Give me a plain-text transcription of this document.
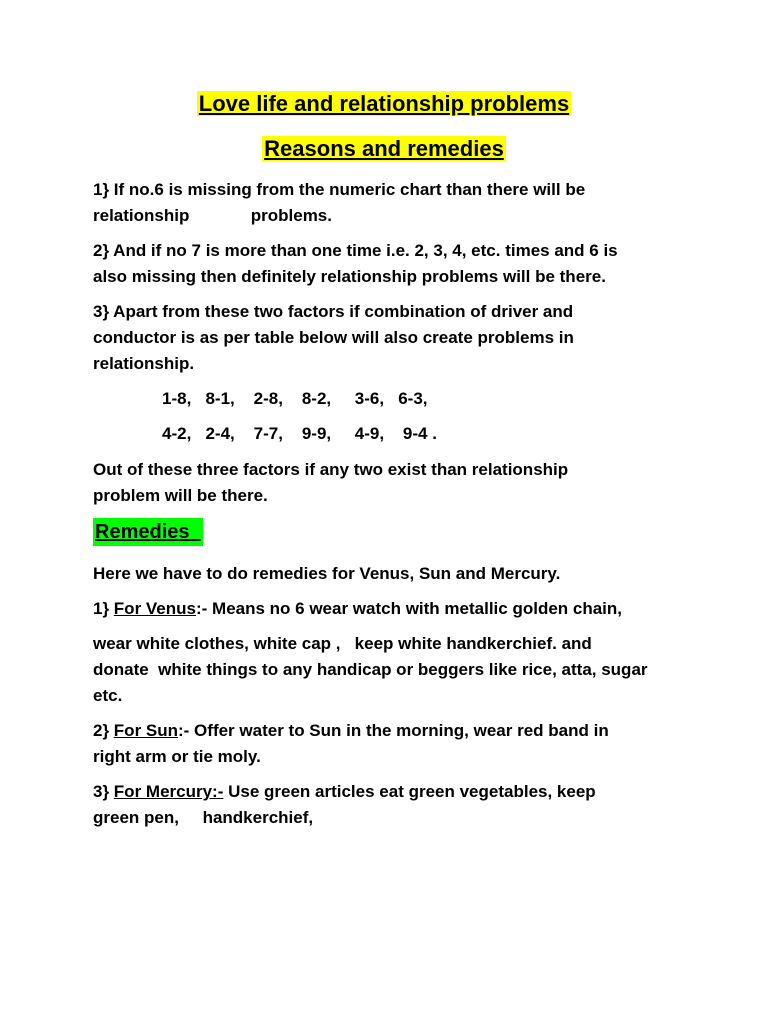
Love life and relationship problems
Reasons and remedies
1} If no.6 is missing from the numeric chart than there will be
relationship             problems.
2} And if no 7 is more than one time i.e. 2, 3, 4, etc. times and 6 is
also missing then definitely relationship problems will be there.
3} Apart from these two factors if combination of driver and
conductor is as per table below will also create problems in
relationship.
1-8,   8-1,    2-8,    8-2,     3-6,   6-3,
4-2,   2-4,    7-7,    9-9,     4-9,    9-4 .
Out of these three factors if any two exist than relationship
problem will be there.
Remedies
Here we have to do remedies for Venus, Sun and Mercury.
1} For Venus:- Means no 6 wear watch with metallic golden chain,
wear white clothes, white cap ,   keep white handkerchief. and
donate  white things to any handicap or beggers like rice, atta, sugar
etc.
2} For Sun:- Offer water to Sun in the morning, wear red band in
right arm or tie moly.
3} For Mercury:- Use green articles eat green vegetables, keep
green pen,     handkerchief,
